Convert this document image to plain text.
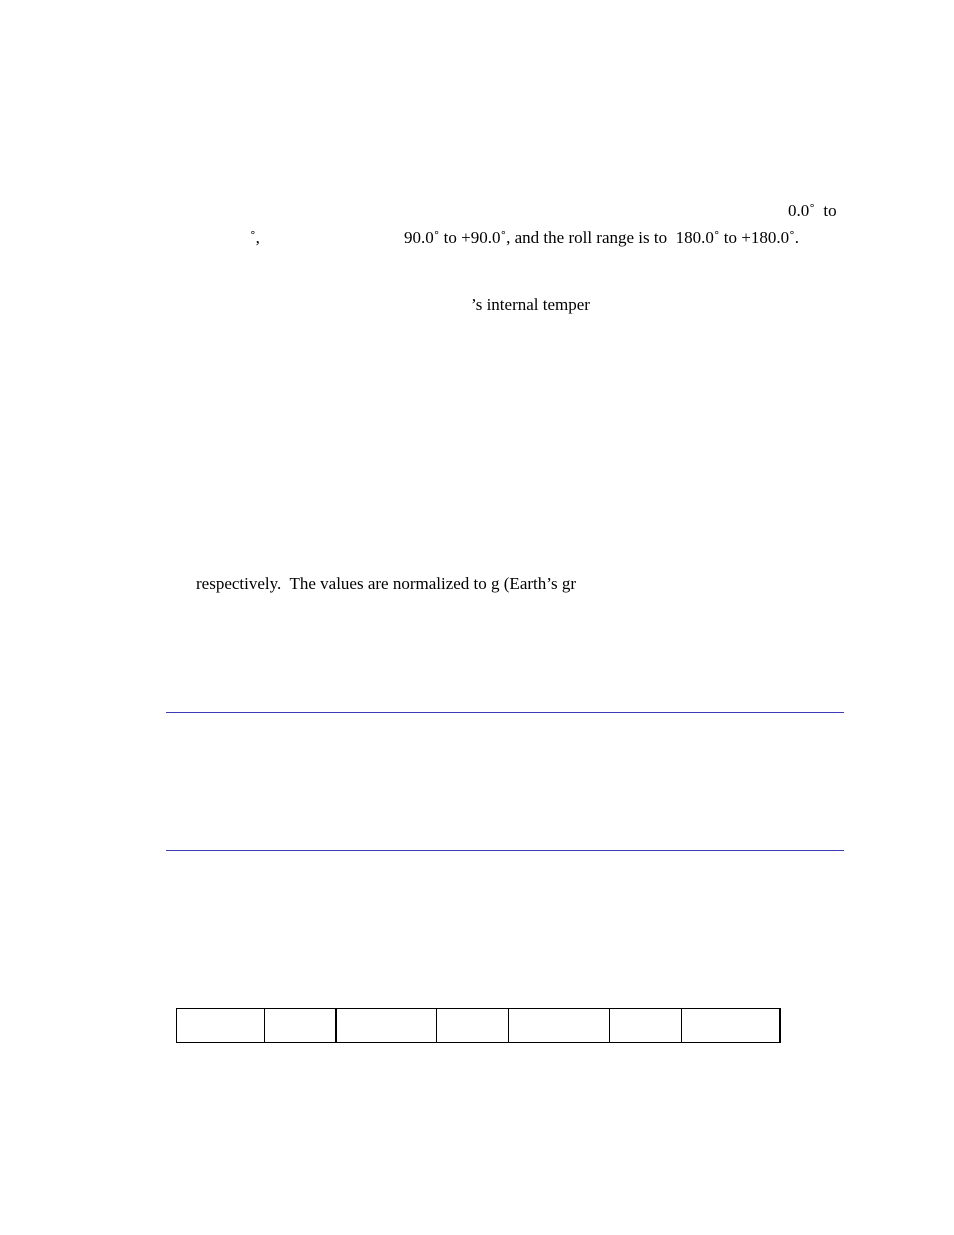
0.0˚  to
˚,	90.0˚ to +90.0˚, and the roll range is to  180.0˚ to +180.0˚.
’s internal temper
respectively.  The values are normalized to g (Earth’s gr
